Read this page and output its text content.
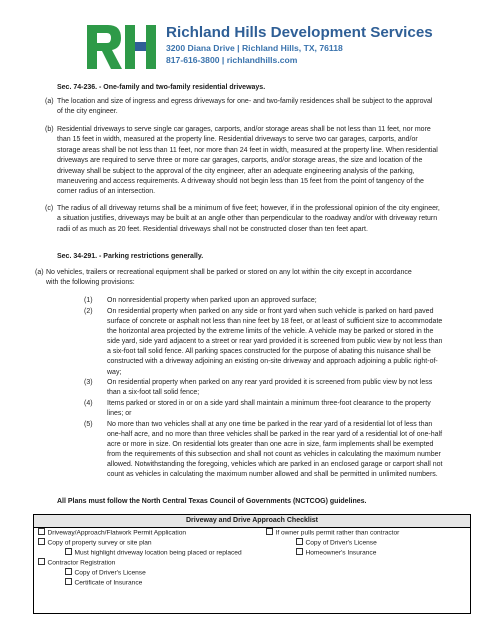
Richland Hills Development Services
3200 Diana Drive | Richland Hills, TX, 76118
817-616-3800 | richlandhills.com
Sec. 74-236. - One-family and two-family residential driveways.
(a) The location and size of ingress and egress driveways for one- and two-family residences shall be subject to the approval of the city engineer.
(b) Residential driveways to serve single car garages, carports, and/or storage areas shall be not less than 11 feet, nor more than 15 feet in width, measured at the property line. Residential driveways to serve two car garages, carports, and/or storage areas shall be not less than 11 feet, nor more than 24 feet in width, measured at the property line. When residential driveways are required to serve three or more car garages, carports, and/or storage areas, the size and location of the driveway shall be subject to the approval of the city engineer, after an adequate engineering analysis of the parking, maneuvering and access requirements. A driveway should not begin less than 15 feet from the point of tangency of the corner radius of an intersection.
(c) The radius of all driveway returns shall be a minimum of five feet; however, if in the professional opinion of the city engineer, a situation justifies, driveways may be built at an angle other than perpendicular to the roadway and/or with driveway return radii of as much as 20 feet. Residential driveways shall not be constructed closer than ten feet apart.
Sec. 34-291. - Parking restrictions generally.
(a) No vehicles, trailers or recreational equipment shall be parked or stored on any lot within the city except in accordance with the following provisions:
(1) On nonresidential property when parked upon an approved surface;
(2) On residential property when parked on any side or front yard when such vehicle is parked on hard paved surface of concrete or asphalt not less than nine feet by 18 feet, or at least of sufficient size to accommodate the horizontal area projected by the extreme limits of the vehicle. A vehicle may be parked or stored in the side yard, side yard adjacent to a street or rear yard provided it is screened from public view by not less than a six-foot tall solid fence. All parking spaces constructed for the purpose of abating this nuisance shall be constructed with a driveway adjoining an existing on-site driveway and approach adjoining a public right-of-way;
(3) On residential property when parked on any rear yard provided it is screened from public view by not less than a six-foot tall solid fence;
(4) Items parked or stored in or on a side yard shall maintain a minimum three-foot clearance to the property lines; or
(5) No more than two vehicles shall at any one time be parked in the rear yard of a residential lot of less than one-half acre, and no more than three vehicles shall be parked in the rear yard of a residential lot of one-half acre or more in size. On residential lots greater than one acre in size, farm implements shall be exempted from the requirements of this subsection and shall not count as vehicles in calculating the maximum number allowed. Notwithstanding the foregoing, vehicles which are parked in an enclosed garage or carport shall not count as vehicles in calculating the maximum number allowed and shall be permitted in unlimited numbers.
All Plans must follow the North Central Texas Council of Governments (NCTCOG) guidelines.
Driveway and Drive Approach Checklist
Driveway/Approach/Flatwork Permit Application
Copy of property survey or site plan
Must highlight driveway location being placed or replaced
Contractor Registration
Copy of Driver's License
Certificate of Insurance
If owner pulls permit rather than contractor
Copy of Driver's License
Homeowner's Insurance
